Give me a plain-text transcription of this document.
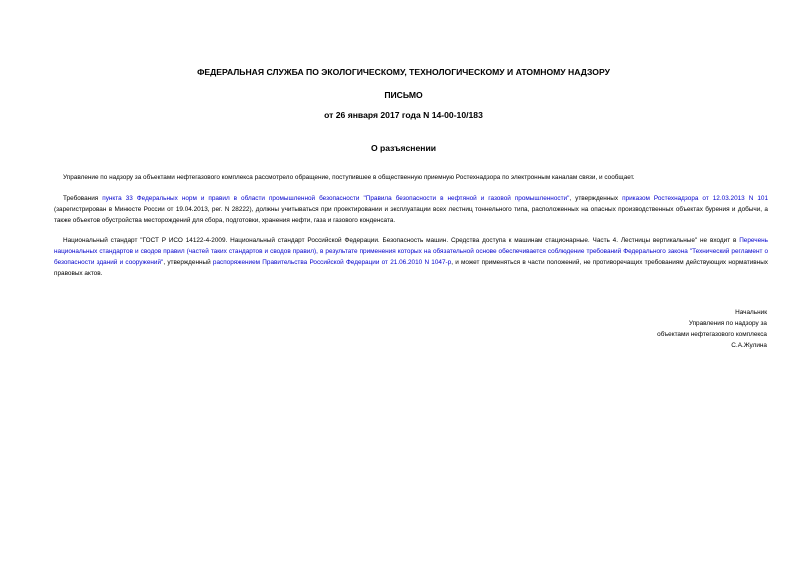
ФЕДЕРАЛЬНАЯ СЛУЖБА ПО ЭКОЛОГИЧЕСКОМУ, ТЕХНОЛОГИЧЕСКОМУ И АТОМНОМУ НАДЗОРУ
ПИСЬМО
от 26 января 2017 года N 14-00-10/183
О разъяснении
Управление по надзору за объектами нефтегазового комплекса рассмотрело обращение, поступившее в общественную приемную Ростехнадзора по электронным каналам связи, и сообщает.
Требования пункта 33 Федеральных норм и правил в области промышленной безопасности "Правила безопасности в нефтяной и газовой промышленности", утвержденных приказом Ростехнадзора от 12.03.2013 N 101 (зарегистрирован в Минюсте России от 19.04.2013, рег. N 28222), должны учитываться при проектировании и эксплуатации всех лестниц тоннельного типа, расположенных на опасных производственных объектах бурения и добычи, а также объектов обустройства месторождений для сбора, подготовки, хранения нефти, газа и газового конденсата.
Национальный стандарт "ГОСТ Р ИСО 14122-4-2009. Национальный стандарт Российской Федерации. Безопасность машин. Средства доступа к машинам стационарные. Часть 4. Лестницы вертикальные" не входит в Перечень национальных стандартов и сводов правил (частей таких стандартов и сводов правил), в результате применения которых на обязательной основе обеспечивается соблюдение требований Федерального закона "Технический регламент о безопасности зданий и сооружений", утвержденный распоряжением Правительства Российской Федерации от 21.06.2010 N 1047-р, и может применяться в части положений, не противоречащих требованиям действующих нормативных правовых актов.
Начальник
Управления по надзору за
объектами нефтегазового комплекса
С.А.Жулина
